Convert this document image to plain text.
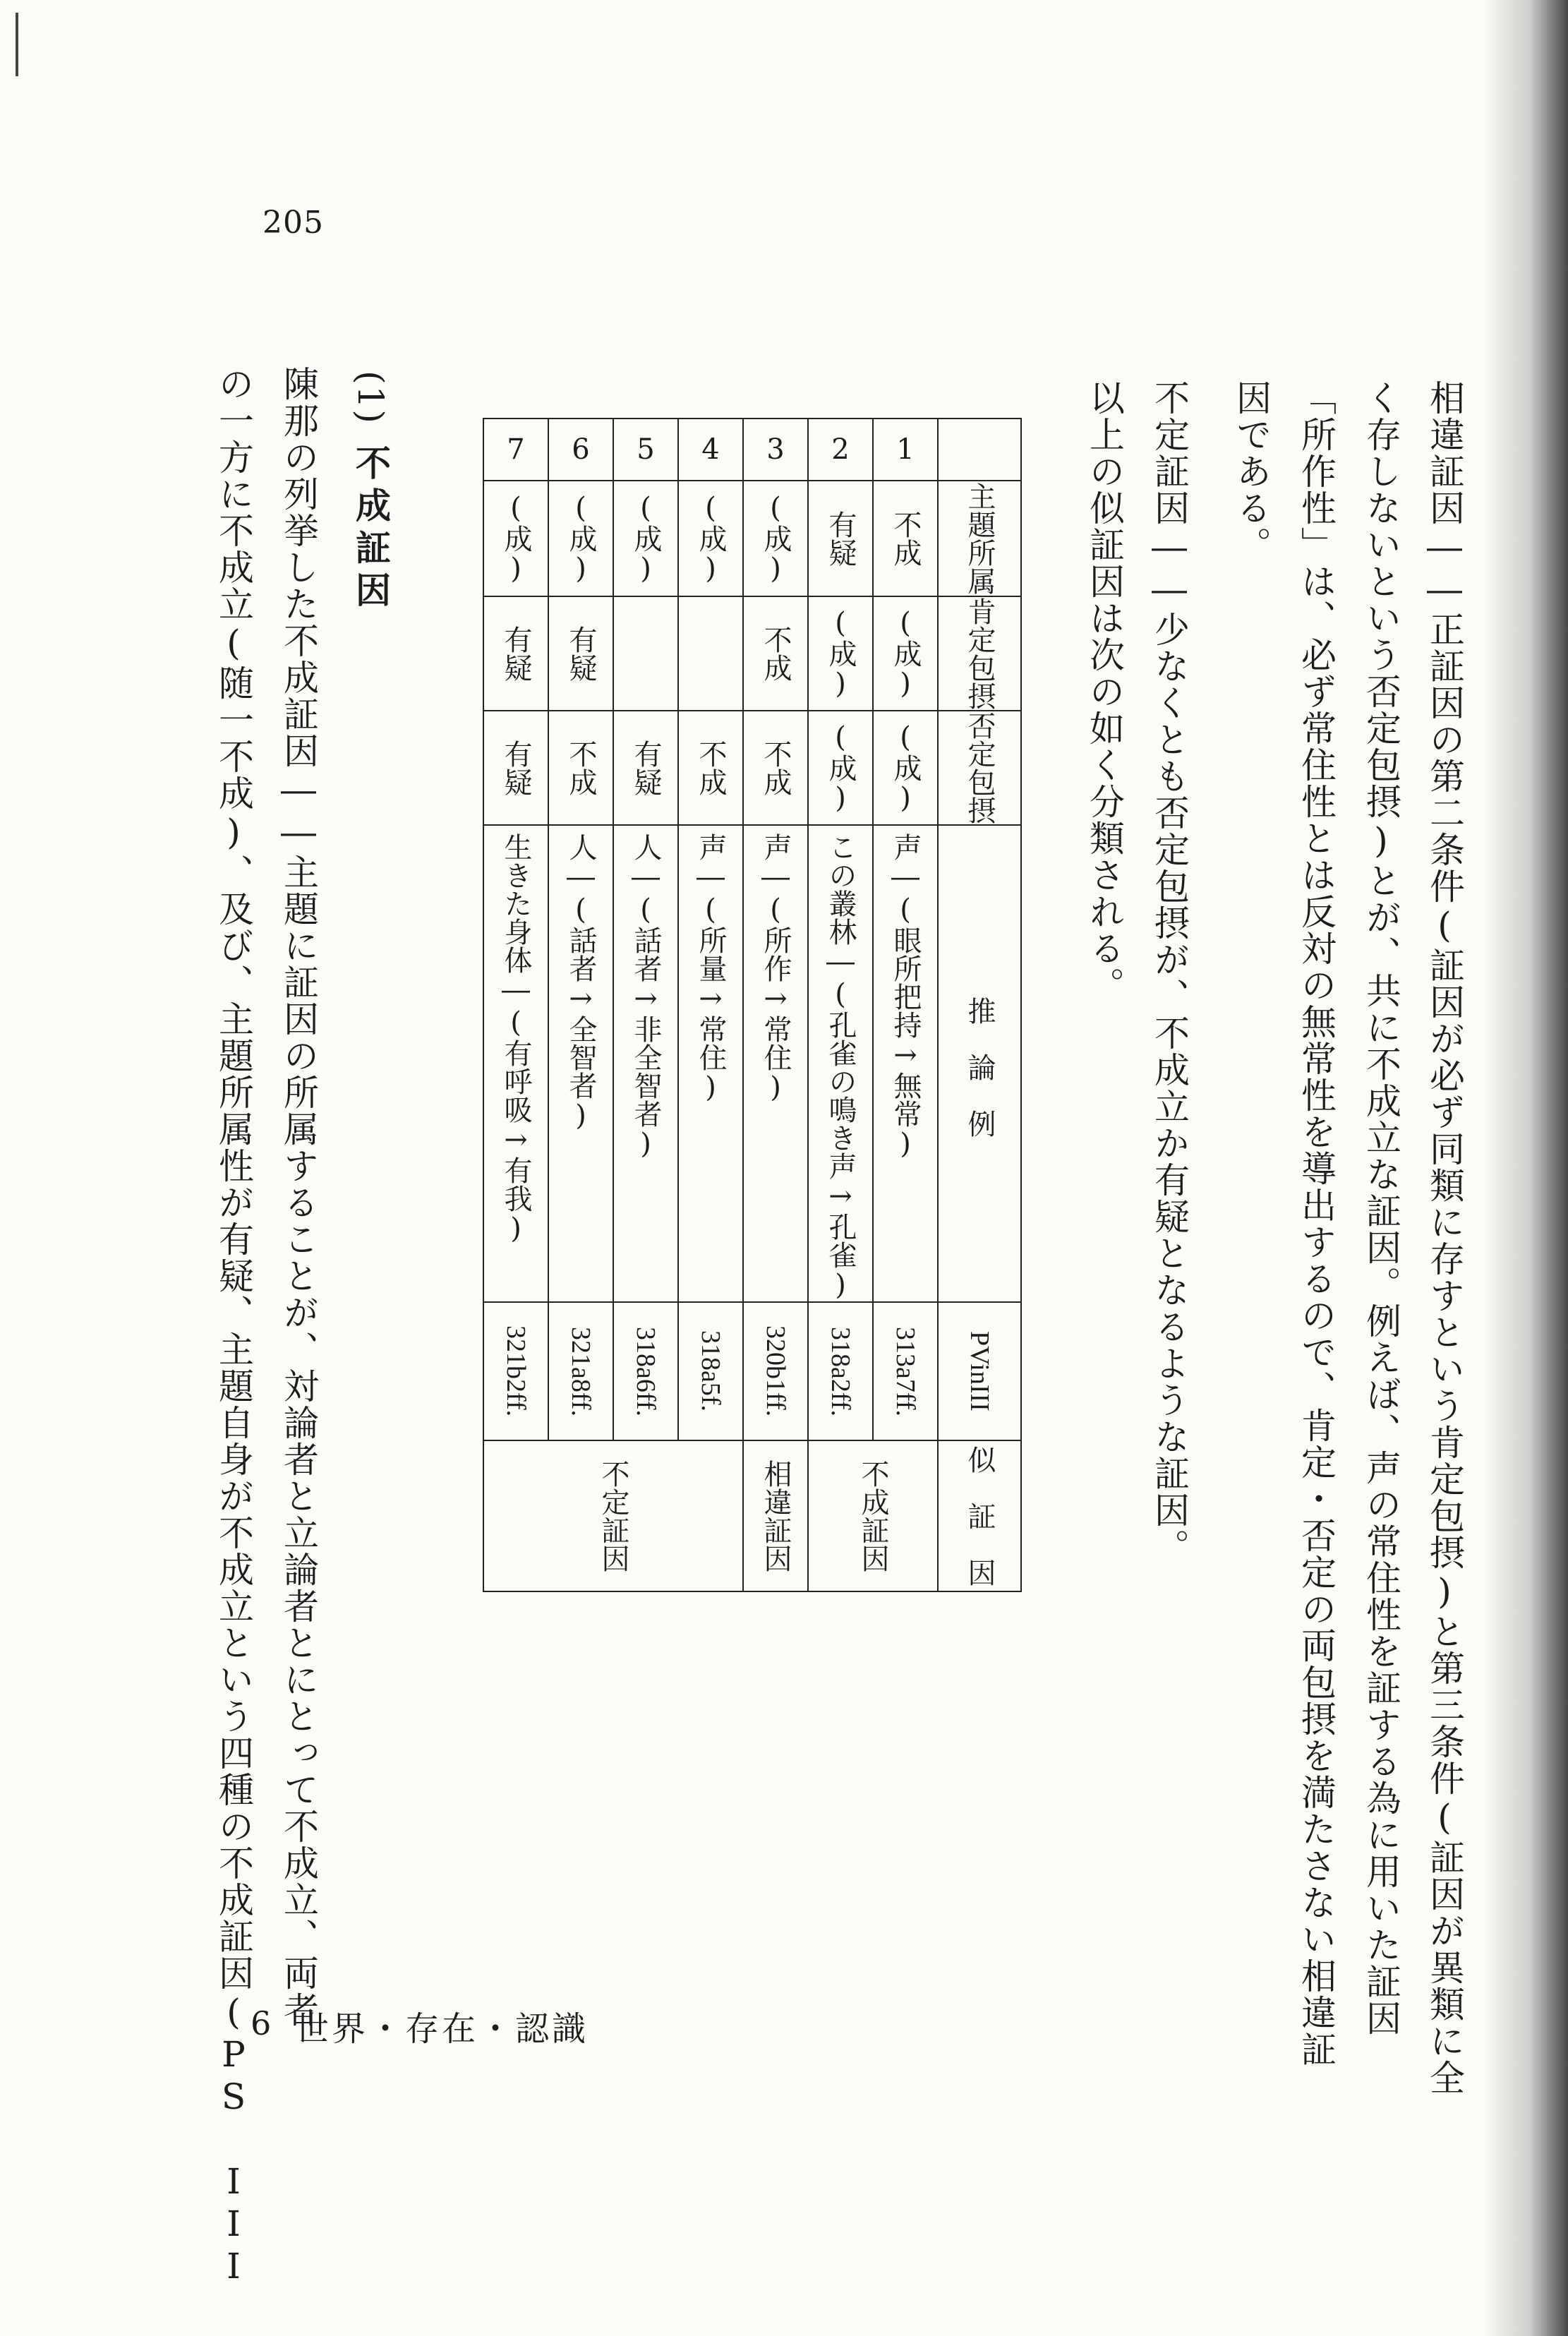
205
相違証因――正証因の第二条件(証因が必ず同類に存すという肯定包摂)と第三条件(証因が異類に全
く存しないという否定包摂)とが、共に不成立な証因。例えば、声の常住性を証する為に用いた証因
「所作性」は、必ず常住性とは反対の無常性を導出するので、肯定・否定の両包摂を満たさない相違証
因である。
不定証因――少なくとも否定包摂が、不成立か有疑となるような証因。
以上の似証因は次の如く分類される。
	主題所属	肯定包摂	否定包摂	推　論　例	PVinIII	似　証　因
1	不成	(成)	(成)	声―(眼所把持→無常)	313a7ff.	不成証因
2	有疑	(成)	(成)	この叢林―(孔雀の鳴き声→孔雀)	318a2ff.
3	(成)	不成	不成	声―(所作→常住)	320b1ff.	相違証因
4	(成)		不成	声―(所量→常住)	318a5f.	不定証因
5	(成)		有疑	人―(話者→非全智者)	318a6ff.
6	(成)	有疑	不成	人―(話者→全智者)	321a8ff.
7	(成)	有疑	有疑	生きた身体―(有呼吸→有我)	321b2ff.
(1)
不成証因
陳那の列挙した不成証因――主題に証因の所属することが、対論者と立論者とにとって不成立、両者
の一方に不成立(随一不成)、及び、主題所属性が有疑、主題自身が不成立という四種の不成証因(PS III
6 世界・存在・認識
